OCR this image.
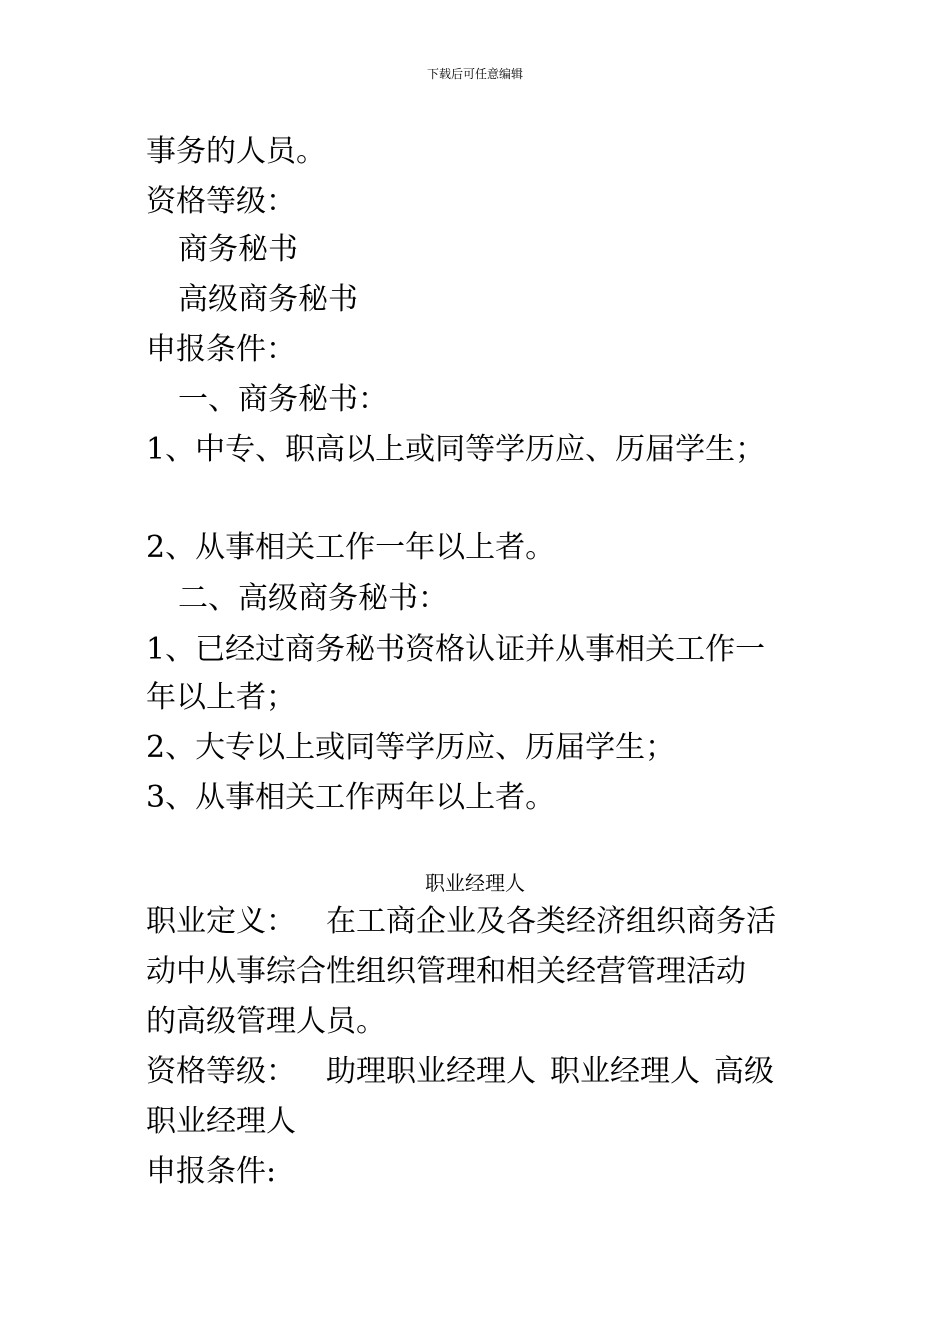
下载后可任意编辑
事务的人员。
资格等级：
商务秘书
高级商务秘书
申报条件：
一、商务秘书：
1、中专、职高以上或同等学历应、历届学生；
2、从事相关工作一年以上者。
二、高级商务秘书：
1、已经过商务秘书资格认证并从事相关工作一
年以上者；
2、大专以上或同等学历应、历届学生；
3、从事相关工作两年以上者。
职业经理人
职业定义： 在工商企业及各类经济组织商务活
动中从事综合性组织管理和相关经营管理活动
的高级管理人员。
资格等级： 助理职业经理人 职业经理人 高级
职业经理人
申报条件:
